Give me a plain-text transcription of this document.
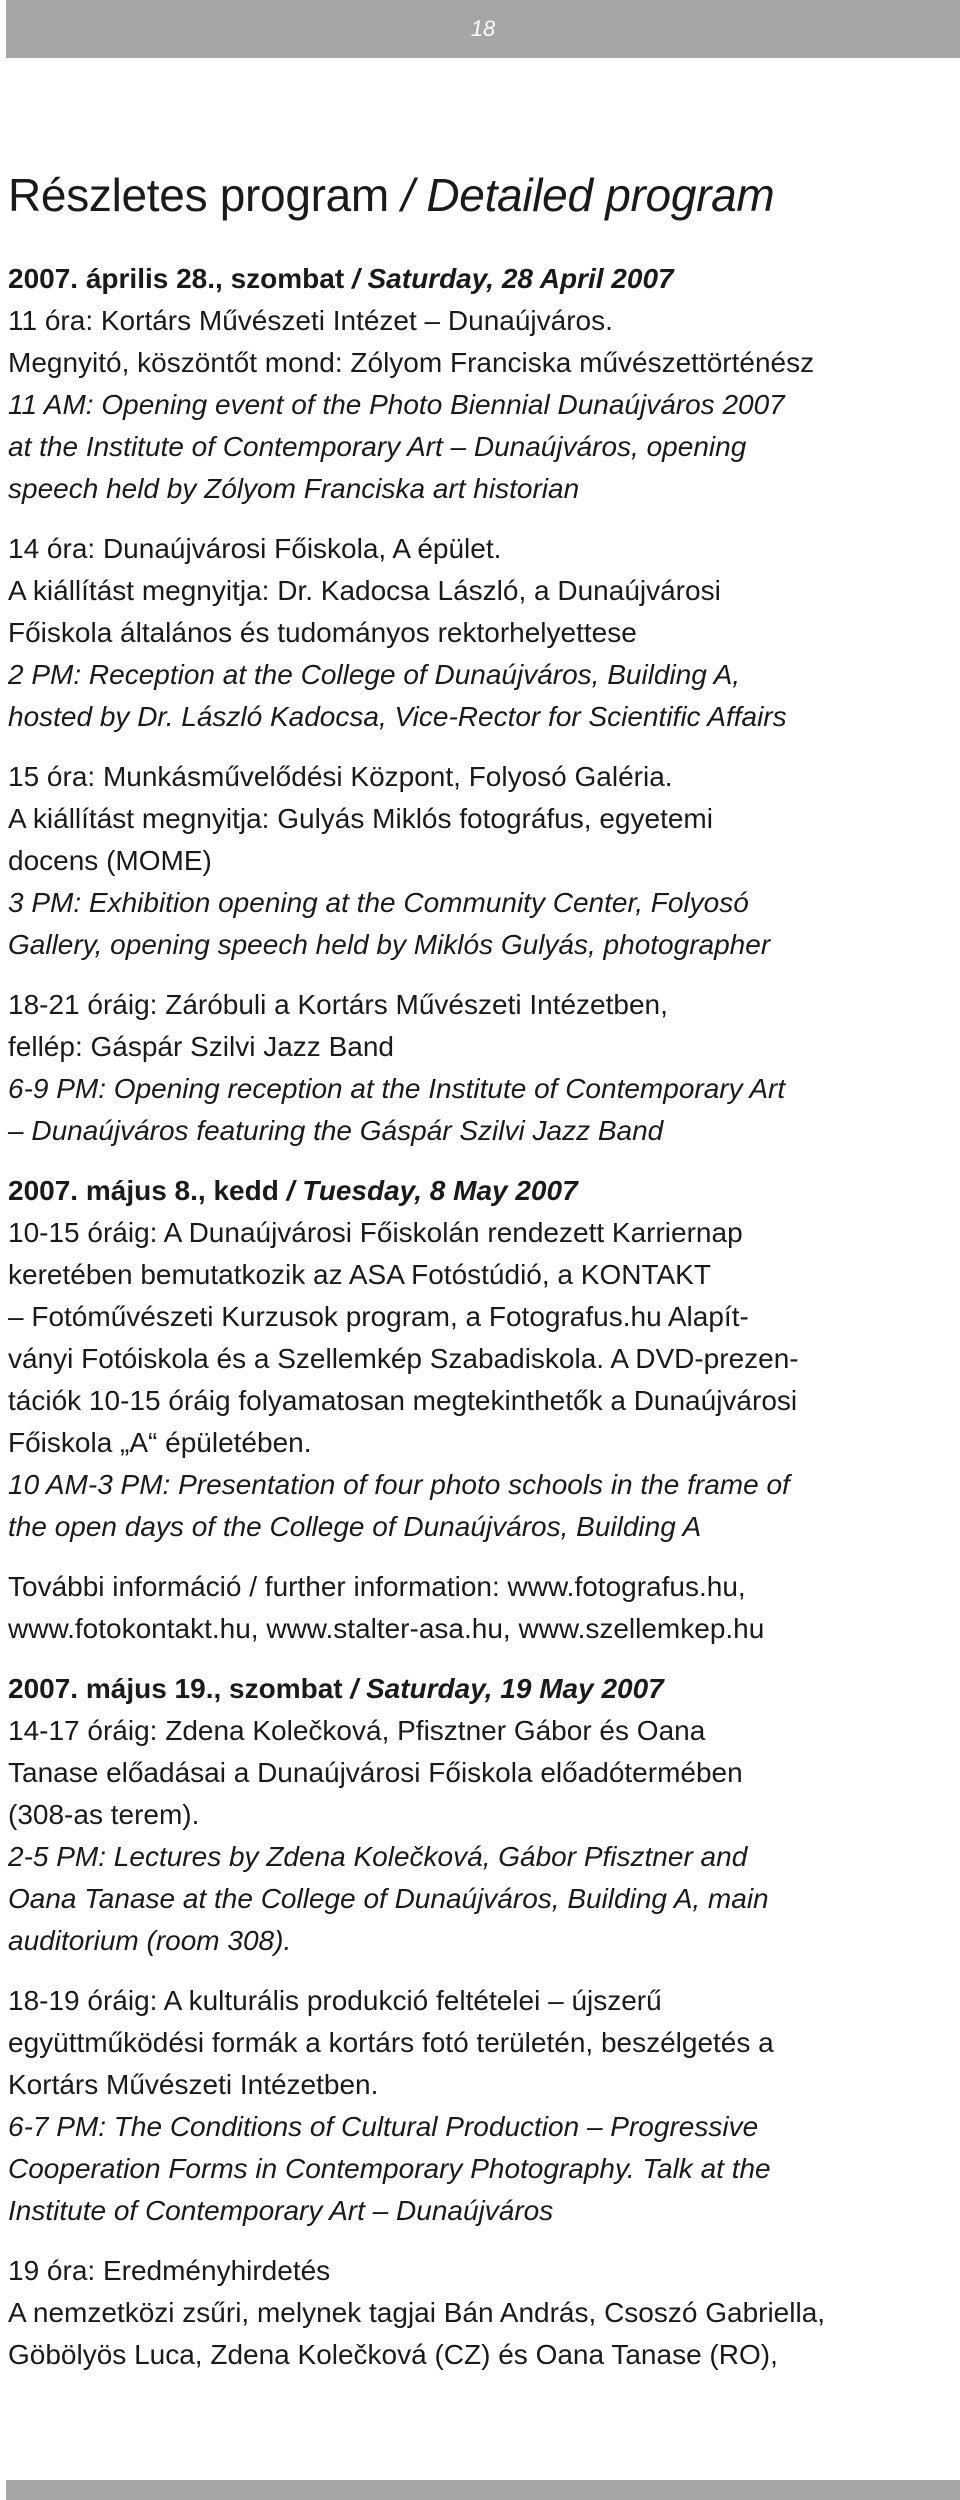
18
Részletes program / Detailed program
2007. április 28., szombat / Saturday, 28 April 2007
11 óra: Kortárs Művészeti Intézet – Dunaújváros.
Megnyitó, köszöntőt mond: Zólyom Franciska művészettörténész
11 AM: Opening event of the Photo Biennial Dunaújváros 2007
at the Institute of Contemporary Art – Dunaújváros, opening
speech held by Zólyom Franciska art historian
14 óra: Dunaújvárosi Főiskola, A épület.
A kiállítást megnyitja: Dr. Kadocsa László, a Dunaújvárosi
Főiskola általános és tudományos rektorhelyettese
2 PM: Reception at the College of Dunaújváros, Building A,
hosted by Dr. László Kadocsa, Vice-Rector for Scientific Affairs
15 óra: Munkásművelődési Központ, Folyosó Galéria.
A kiállítást megnyitja: Gulyás Miklós fotográfus, egyetemi
docens (MOME)
3 PM: Exhibition opening at the Community Center, Folyosó
Gallery, opening speech held by Miklós Gulyás, photographer
18-21 óráig: Záróbuli a Kortárs Művészeti Intézetben,
fellép: Gáspár Szilvi Jazz Band
6-9 PM: Opening reception at the Institute of Contemporary Art
– Dunaújváros featuring the Gáspár Szilvi Jazz Band
2007. május 8., kedd / Tuesday, 8 May 2007
10-15 óráig: A Dunaújvárosi Főiskolán rendezett Karriernap
keretében bemutatkozik az ASA Fotóstúdió, a KONTAKT
– Fotóművészeti Kurzusok program, a Fotografus.hu Alapít-
ványi Fotóiskola és a Szellemkép Szabadiskola. A DVD-prezen-
tációk 10-15 óráig folyamatosan megtekinthetők a Dunaújvárosi
Főiskola „A“ épületében.
10 AM-3 PM: Presentation of four photo schools in the frame of
the open days of the College of Dunaújváros, Building A
További információ / further information: www.fotografus.hu,
www.fotokontakt.hu, www.stalter-asa.hu, www.szellemkep.hu
2007. május 19., szombat / Saturday, 19 May 2007
14-17 óráig: Zdena Kolečková, Pfisztner Gábor és Oana
Tanase előadásai a Dunaújvárosi Főiskola előadótermében
(308-as terem).
2-5 PM: Lectures by Zdena Kolečková, Gábor Pfisztner and
Oana Tanase at the College of Dunaújváros, Building A, main
auditorium (room 308).
18-19 óráig: A kulturális produkció feltételei – újszerű
együttműködési formák a kortárs fotó területén, beszélgetés a
Kortárs Művészeti Intézetben.
6-7 PM: The Conditions of Cultural Production – Progressive
Cooperation Forms in Contemporary Photography. Talk at the
Institute of Contemporary Art – Dunaújváros
19 óra: Eredményhirdetés
A nemzetközi zsűri, melynek tagjai Bán András, Csoszó Gabriella,
Göbölyös Luca, Zdena Kolečková (CZ) és Oana Tanase (RO),
